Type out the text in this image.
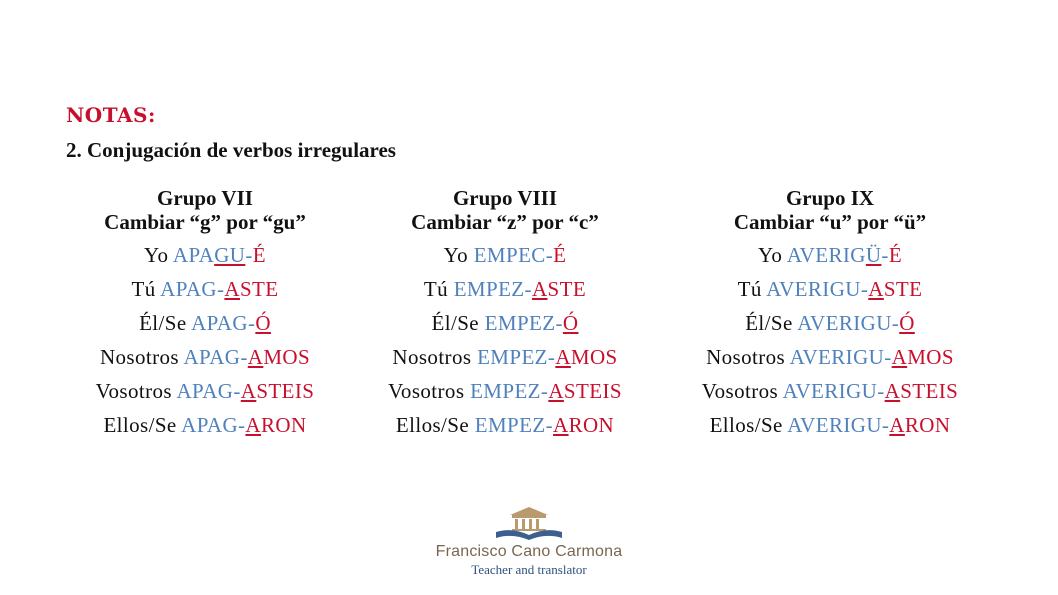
NOTAS:
2. Conjugación de verbos irregulares
Grupo VII
Cambiar “g” por “gu”
Yo APAGU-É
Tú APAG-ASTE
Él/Se APAG-Ó
Nosotros APAG-AMOS
Vosotros APAG-ASTEIS
Ellos/Se APAG-ARON
Grupo VIII
Cambiar “z” por “c”
Yo EMPEC-É
Tú EMPEZ-ASTE
Él/Se EMPEZ-Ó
Nosotros EMPEZ-AMOS
Vosotros EMPEZ-ASTEIS
Ellos/Se EMPEZ-ARON
Grupo IX
Cambiar “u” por “ü”
Yo AVERIGÜ-É
Tú AVERIGU-ASTE
Él/Se AVERIGU-Ó
Nosotros AVERIGU-AMOS
Vosotros AVERIGU-ASTEIS
Ellos/Se AVERIGU-ARON
Francisco Cano Carmona
Teacher and translator
